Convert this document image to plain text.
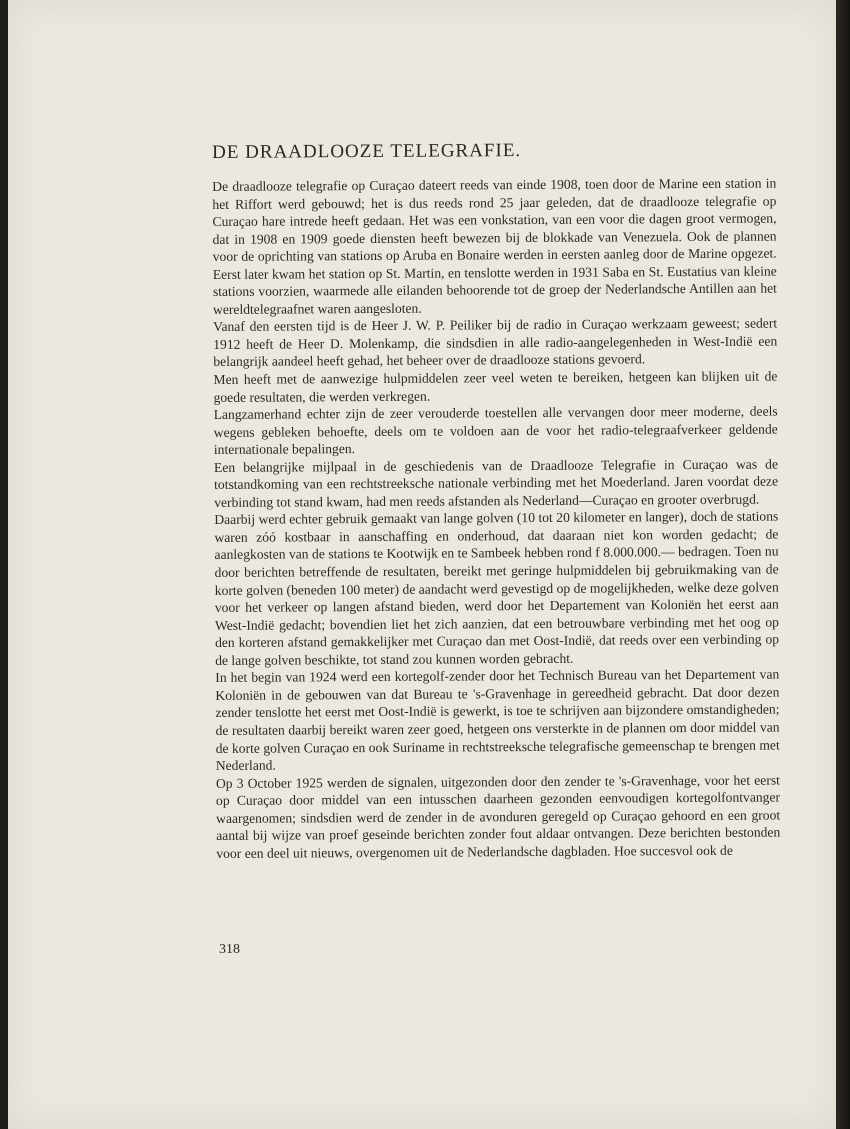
DE DRAADLOOZE TELEGRAFIE.

De draadlooze telegrafie op Curaçao dateert reeds van einde 1908, toen door de Marine een station in het Riffort werd gebouwd; het is dus reeds rond 25 jaar geleden, dat de draadlooze telegrafie op Curaçao hare intrede heeft gedaan. Het was een vonkstation, van een voor die dagen groot vermogen, dat in 1908 en 1909 goede diensten heeft bewezen bij de blokkade van Venezuela. Ook de plannen voor de oprichting van stations op Aruba en Bonaire werden in eersten aanleg door de Marine opgezet. Eerst later kwam het station op St. Martin, en tenslotte werden in 1931 Saba en St. Eustatius van kleine stations voorzien, waarmede alle eilanden behoorende tot de groep der Nederlandsche Antillen aan het wereldtelegraafnet waren aangesloten.

Vanaf den eersten tijd is de Heer J. W. P. Peiliker bij de radio in Curaçao werkzaam geweest; sedert 1912 heeft de Heer D. Molenkamp, die sindsdien in alle radio-aangelegenheden in West-Indië een belangrijk aandeel heeft gehad, het beheer over de draadlooze stations gevoerd.

Men heeft met de aanwezige hulpmiddelen zeer veel weten te bereiken, hetgeen kan blijken uit de goede resultaten, die werden verkregen.

Langzamerhand echter zijn de zeer verouderde toestellen alle vervangen door meer moderne, deels wegens gebleken behoefte, deels om te voldoen aan de voor het radio-telegraafverkeer geldende internationale bepalingen.

Een belangrijke mijlpaal in de geschiedenis van de Draadlooze Telegrafie in Curaçao was de totstandkoming van een rechtstreeksche nationale verbinding met het Moederland. Jaren voordat deze verbinding tot stand kwam, had men reeds afstanden als Nederland—Curaçao en grooter overbrugd.

Daarbij werd echter gebruik gemaakt van lange golven (10 tot 20 kilometer en langer), doch de stations waren zóó kostbaar in aanschaffing en onderhoud, dat daaraan niet kon worden gedacht; de aanlegkosten van de stations te Kootwijk en te Sambeek hebben rond f 8.000.000.— bedragen. Toen nu door berichten betreffende de resultaten, bereikt met geringe hulpmiddelen bij gebruikmaking van de korte golven (beneden 100 meter) de aandacht werd gevestigd op de mogelijkheden, welke deze golven voor het verkeer op langen afstand bieden, werd door het Departement van Koloniën het eerst aan West-Indië gedacht; bovendien liet het zich aanzien, dat een betrouwbare verbinding met het oog op den korteren afstand gemakkelijker met Curaçao dan met Oost-Indië, dat reeds over een verbinding op de lange golven beschikte, tot stand zou kunnen worden gebracht.

In het begin van 1924 werd een kortegolf-zender door het Technisch Bureau van het Departement van Koloniën in de gebouwen van dat Bureau te 's-Gravenhage in gereedheid gebracht. Dat door dezen zender tenslotte het eerst met Oost-Indië is gewerkt, is toe te schrijven aan bijzondere omstandigheden; de resultaten daarbij bereikt waren zeer goed, hetgeen ons versterkte in de plannen om door middel van de korte golven Curaçao en ook Suriname in rechtstreeksche telegrafische gemeenschap te brengen met Nederland.

Op 3 October 1925 werden de signalen, uitgezonden door den zender te 's-Gravenhage, voor het eerst op Curaçao door middel van een intusschen daarheen gezonden eenvoudigen kortegolfontvanger waargenomen; sindsdien werd de zender in de avonduren geregeld op Curaçao gehoord en een groot aantal bij wijze van proef geseinde berichten zonder fout aldaar ontvangen. Deze berichten bestonden voor een deel uit nieuws, overgenomen uit de Nederlandsche dagbladen. Hoe succesvol ook de

318
